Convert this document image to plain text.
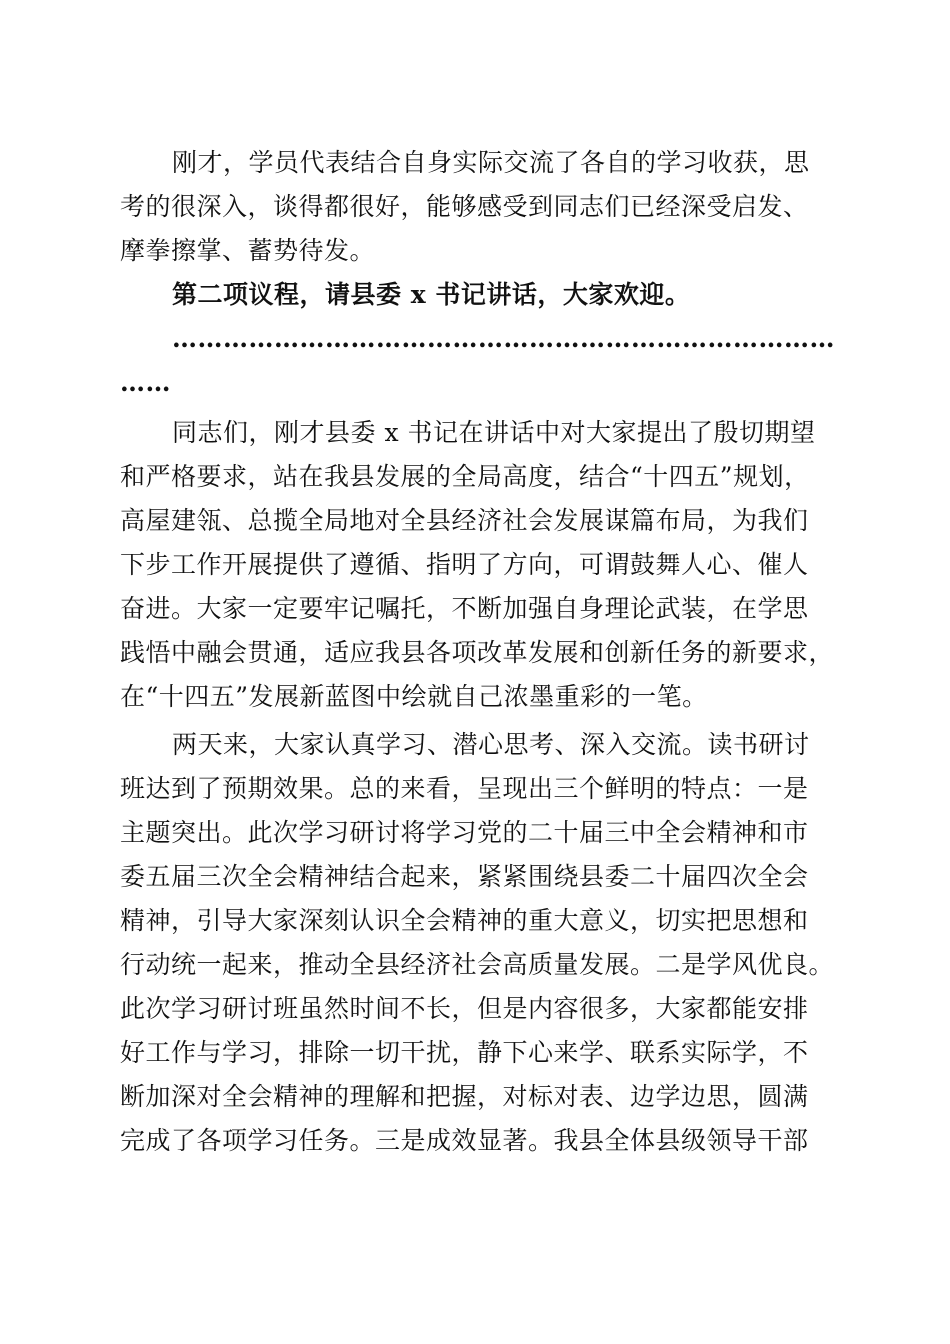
刚才，学员代表结合自身实际交流了各自的学习收获，思
考的很深入，谈得都很好，能够感受到同志们已经深受启发、
摩拳擦掌、蓄势待发。
第二项议程，请县委 x 书记讲话，大家欢迎。
……………………………………………………………………
……
同志们，刚才县委 x 书记在讲话中对大家提出了殷切期望
和严格要求，站在我县发展的全局高度，结合“十四五”规划，
高屋建瓴、总揽全局地对全县经济社会发展谋篇布局，为我们
下步工作开展提供了遵循、指明了方向，可谓鼓舞人心、催人
奋进。大家一定要牢记嘱托，不断加强自身理论武装，在学思
践悟中融会贯通，适应我县各项改革发展和创新任务的新要求，
在“十四五”发展新蓝图中绘就自己浓墨重彩的一笔。
两天来，大家认真学习、潜心思考、深入交流。读书研讨
班达到了预期效果。总的来看，呈现出三个鲜明的特点：一是
主题突出。此次学习研讨将学习党的二十届三中全会精神和市
委五届三次全会精神结合起来，紧紧围绕县委二十届四次全会
精神，引导大家深刻认识全会精神的重大意义，切实把思想和
行动统一起来，推动全县经济社会高质量发展。二是学风优良。
此次学习研讨班虽然时间不长，但是内容很多，大家都能安排
好工作与学习，排除一切干扰，静下心来学、联系实际学，不
断加深对全会精神的理解和把握，对标对表、边学边思，圆满
完成了各项学习任务。三是成效显著。我县全体县级领导干部
